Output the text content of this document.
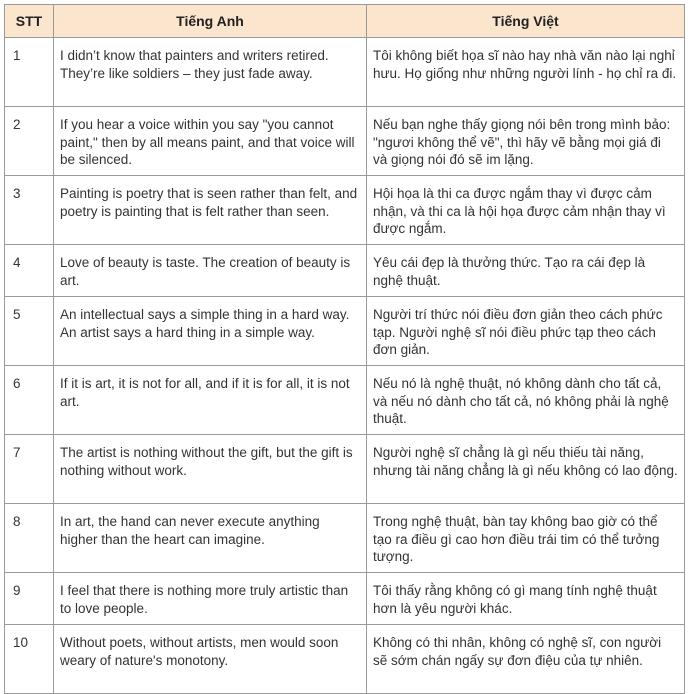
STT	Tiếng Anh	Tiếng Việt
1	I didn’t know that painters and writers retired. They’re like soldiers – they just fade away.	Tôi không biết họa sĩ nào hay nhà văn nào lại nghỉ hưu. Họ giống như những người lính - họ chỉ ra đi.
2	If you hear a voice within you say "you cannot paint," then by all means paint, and that voice will be silenced.	Nếu bạn nghe thấy giọng nói bên trong mình bảo: "ngươi không thể vẽ", thì hãy vẽ bằng mọi giá đi và giọng nói đó sẽ im lặng.
3	Painting is poetry that is seen rather than felt, and poetry is painting that is felt rather than seen.	Hội họa là thi ca được ngắm thay vì được cảm nhận, và thi ca là hội họa được cảm nhận thay vì được ngắm.
4	Love of beauty is taste. The creation of beauty is art.	Yêu cái đẹp là thưởng thức. Tạo ra cái đẹp là nghệ thuật.
5	An intellectual says a simple thing in a hard way. An artist says a hard thing in a simple way.	Người trí thức nói điều đơn giản theo cách phức tạp. Người nghệ sĩ nói điều phức tạp theo cách đơn giản.
6	If it is art, it is not for all, and if it is for all, it is not art.	Nếu nó là nghệ thuật, nó không dành cho tất cả, và nếu nó dành cho tất cả, nó không phải là nghệ thuật.
7	The artist is nothing without the gift, but the gift is nothing without work.	Người nghệ sĩ chẳng là gì nếu thiếu tài năng, nhưng tài năng chẳng là gì nếu không có lao động.
8	In art, the hand can never execute anything higher than the heart can imagine.	Trong nghệ thuật, bàn tay không bao giờ có thể tạo ra điều gì cao hơn điều trái tim có thể tưởng tượng.
9	I feel that there is nothing more truly artistic than to love people.	Tôi thấy rằng không có gì mang tính nghệ thuật hơn là yêu người khác.
10	Without poets, without artists, men would soon weary of nature's monotony.	Không có thi nhân, không có nghệ sĩ, con người sẽ sớm chán ngấy sự đơn điệu của tự nhiên.
